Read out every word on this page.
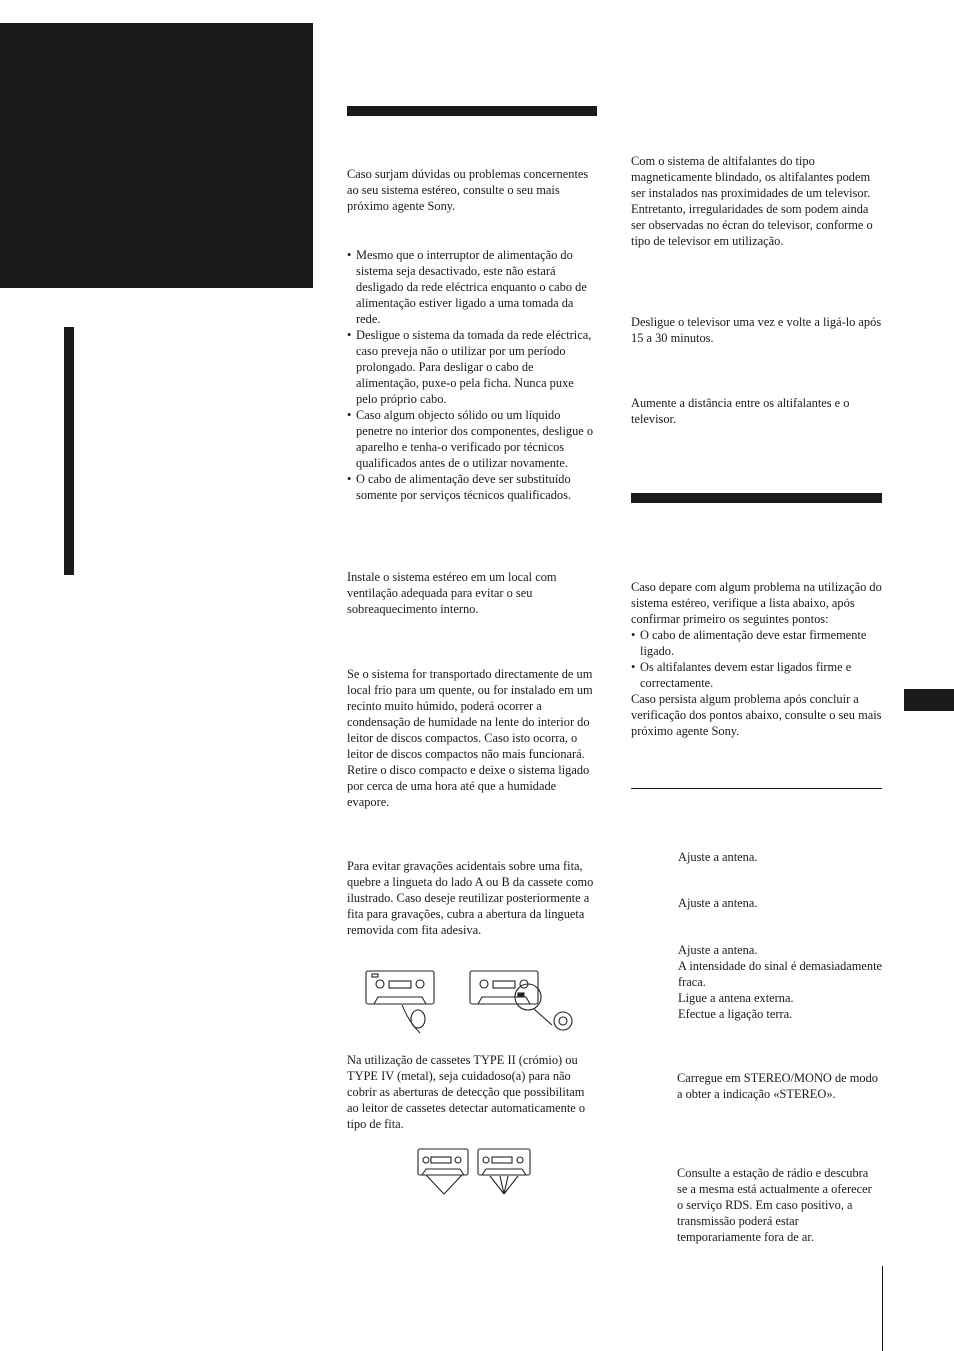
Caso surjam dúvidas ou problemas concernentes ao seu sistema estéreo, consulte o seu mais próximo agente Sony.

• Mesmo que o interruptor de alimentação do sistema seja desactivado, este não estará desligado da rede eléctrica enquanto o cabo de alimentação estiver ligado a uma tomada da rede.
• Desligue o sistema da tomada da rede eléctrica, caso preveja não o utilizar por um período prolongado. Para desligar o cabo de alimentação, puxe-o pela ficha. Nunca puxe pelo próprio cabo.
• Caso algum objecto sólido ou um líquido penetre no interior dos componentes, desligue o aparelho e tenha-o verificado por técnicos qualificados antes de o utilizar novamente.
• O cabo de alimentação deve ser substituído somente por serviços técnicos qualificados.

Instale o sistema estéreo em um local com ventilação adequada para evitar o seu sobreaquecimento interno.

Se o sistema for transportado directamente de um local frio para um quente, ou for instalado em um recinto muito húmido, poderá ocorrer a condensação de humidade na lente do interior do leitor de discos compactos. Caso isto ocorra, o leitor de discos compactos não mais funcionará. Retire o disco compacto e deixe o sistema ligado por cerca de uma hora até que a humidade evapore.

Para evitar gravações acidentais sobre uma fita, quebre a lingueta do lado A ou B da cassete como ilustrado. Caso deseje reutilizar posteriormente a fita para gravações, cubra a abertura da lingueta removida com fita adesiva.

Na utilização de cassetes TYPE II (crómio) ou TYPE IV (metal), seja cuidadoso(a) para não cobrir as aberturas de detecção que possibilitam ao leitor de cassetes detectar automaticamente o tipo de fita.

Com o sistema de altifalantes do tipo magneticamente blindado, os altifalantes podem ser instalados nas proximidades de um televisor. Entretanto, irregularidades de som podem ainda ser observadas no écran do televisor, conforme o tipo de televisor em utilização.

Desligue o televisor uma vez e volte a ligá-lo após 15 a 30 minutos.

Aumente a distância entre os altifalantes e o televisor.

Caso depare com algum problema na utilização do sistema estéreo, verifique a lista abaixo, após confirmar primeiro os seguintes pontos:
• O cabo de alimentação deve estar firmemente ligado.
• Os altifalantes devem estar ligados firme e correctamente.
Caso persista algum problema após concluir a verificação dos pontos abaixo, consulte o seu mais próximo agente Sony.

Ajuste a antena.

Ajuste a antena.

Ajuste a antena.
A intensidade do sinal é demasiadamente fraca.
Ligue a antena externa.
Efectue a ligação terra.

Carregue em STEREO/MONO de modo a obter a indicação «STEREO».

Consulte a estação de rádio e descubra se a mesma está actualmente a oferecer o serviço RDS. Em caso positivo, a transmissão poderá estar temporariamente fora de ar.
